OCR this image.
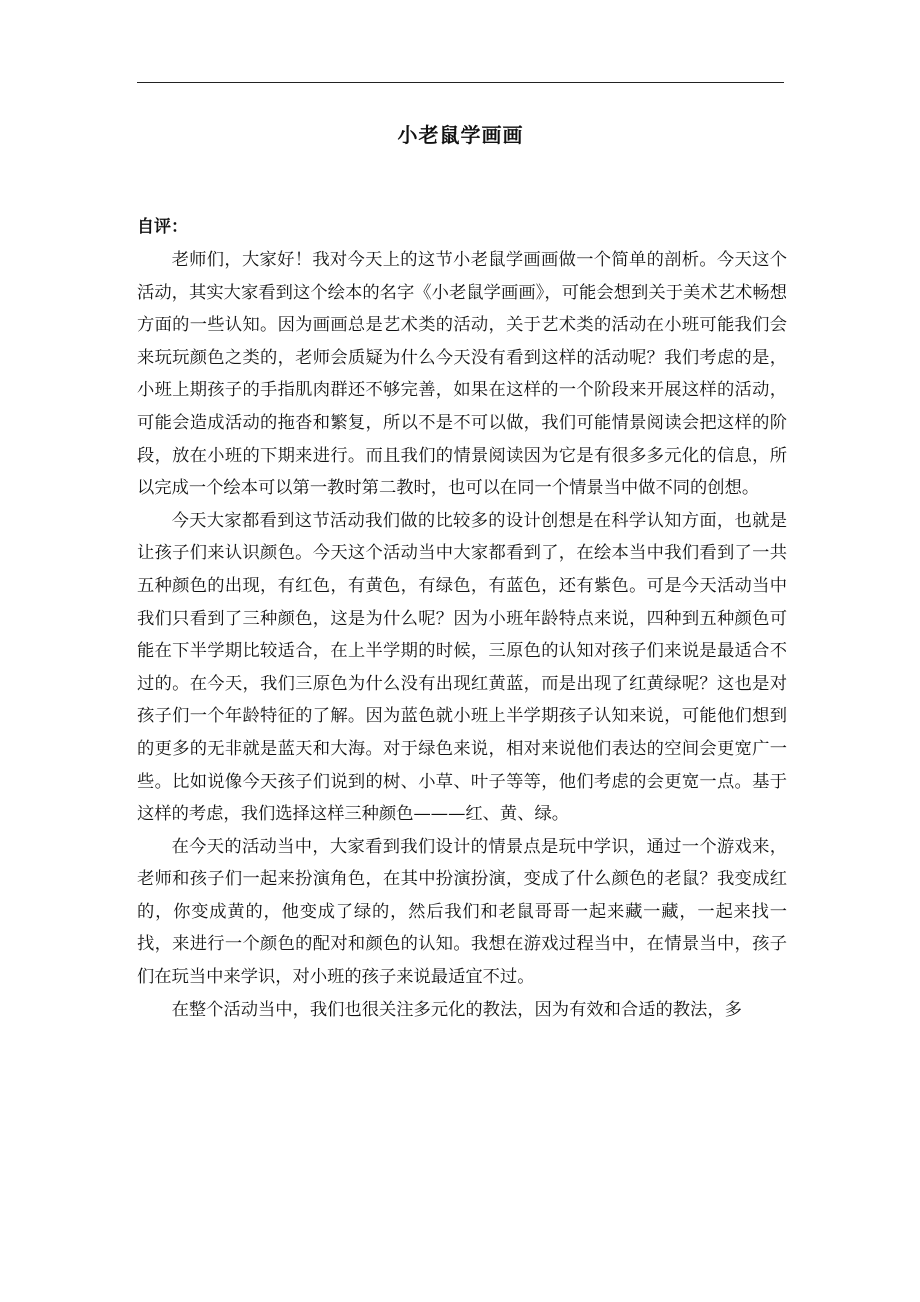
小老鼠学画画
自评：

老师们，大家好！我对今天上的这节小老鼠学画画做一个简单的剖析。今天这个活动，其实大家看到这个绘本的名字《小老鼠学画画》，可能会想到关于美术艺术畅想方面的一些认知。因为画画总是艺术类的活动，关于艺术类的活动在小班可能我们会来玩玩颜色之类的，老师会质疑为什么今天没有看到这样的活动呢？我们考虑的是，小班上期孩子的手指肌肉群还不够完善，如果在这样的一个阶段来开展这样的活动，可能会造成活动的拖沓和繁复，所以不是不可以做，我们可能情景阅读会把这样的阶段，放在小班的下期来进行。而且我们的情景阅读因为它是有很多多元化的信息，所以完成一个绘本可以第一教时第二教时，也可以在同一个情景当中做不同的创想。

今天大家都看到这节活动我们做的比较多的设计创想是在科学认知方面，也就是让孩子们来认识颜色。今天这个活动当中大家都看到了，在绘本当中我们看到了一共五种颜色的出现，有红色，有黄色，有绿色，有蓝色，还有紫色。可是今天活动当中我们只看到了三种颜色，这是为什么呢？因为小班年龄特点来说，四种到五种颜色可能在下半学期比较适合，在上半学期的时候，三原色的认知对孩子们来说是最适合不过的。在今天，我们三原色为什么没有出现红黄蓝，而是出现了红黄绿呢？这也是对孩子们一个年龄特征的了解。因为蓝色就小班上半学期孩子认知来说，可能他们想到的更多的无非就是蓝天和大海。对于绿色来说，相对来说他们表达的空间会更宽广一些。比如说像今天孩子们说到的树、小草、叶子等等，他们考虑的会更宽一点。基于这样的考虑，我们选择这样三种颜色———红、黄、绿。

在今天的活动当中，大家看到我们设计的情景点是玩中学识，通过一个游戏来，老师和孩子们一起来扮演角色，在其中扮演扮演，变成了什么颜色的老鼠？我变成红的，你变成黄的，他变成了绿的，然后我们和老鼠哥哥一起来藏一藏，一起来找一找，来进行一个颜色的配对和颜色的认知。我想在游戏过程当中，在情景当中，孩子们在玩当中来学识，对小班的孩子来说最适宜不过。

在整个活动当中，我们也很关注多元化的教法，因为有效和合适的教法，多
